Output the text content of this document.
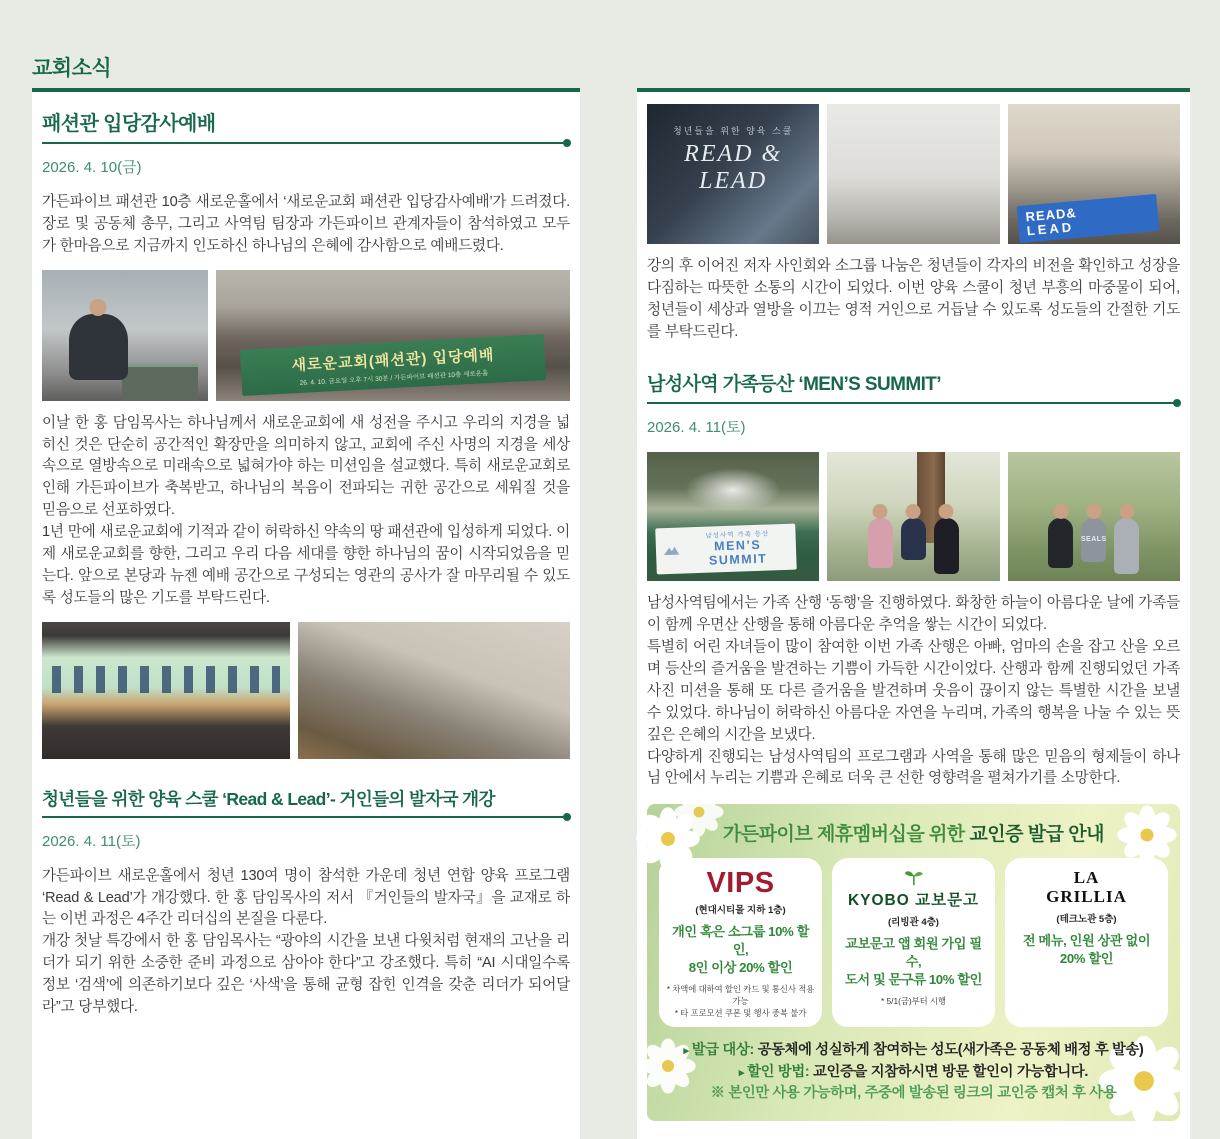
교회소식
패션관 입당감사예배
2026. 4. 10(금)

가든파이브 패션관 10층 새로운홀에서 ‘새로운교회 패션관 입당감사예배’가 드려졌다. 장로 및 공동체 총무, 그리고 사역팀 팀장과 가든파이브 관계자들이 참석하였고 모두가 한마음으로 지금까지 인도하신 하나님의 은혜에 감사함으로 예배드렸다.

새로운교회(패션관) 입당예배
26. 4. 10. 금요일 오후 7시 30분 / 가든파이브 패션관 10층 새로운홀

이날 한 홍 담임목사는 하나님께서 새로운교회에 새 성전을 주시고 우리의 지경을 넓히신 것은 단순히 공간적인 확장만을 의미하지 않고, 교회에 주신 사명의 지경을 세상속으로 열방속으로 미래속으로 넓혀가야 하는 미션임을 설교했다. 특히 새로운교회로 인해 가든파이브가 축복받고, 하나님의 복음이 전파되는 귀한 공간으로 세워질 것을 믿음으로 선포하였다.

1년 만에 새로운교회에 기적과 같이 허락하신 약속의 땅 패션관에 입성하게 되었다. 이제 새로운교회를 향한, 그리고 우리 다음 세대를 향한 하나님의 꿈이 시작되었음을 믿는다. 앞으로 본당과 뉴젠 예배 공간으로 구성되는 영관의 공사가 잘 마무리될 수 있도록 성도들의 많은 기도를 부탁드린다.

청년들을 위한 양육 스쿨 ‘Read & Lead’- 거인들의 발자국 개강
2026. 4. 11(토)

가든파이브 새로운홀에서 청년 130여 명이 참석한 가운데 청년 연합 양육 프로그램 ‘Read & Lead’가 개강했다. 한 홍 담임목사의 저서 『거인들의 발자국』을 교재로 하는 이번 과정은 4주간 리더십의 본질을 다룬다.

개강 첫날 특강에서 한 홍 담임목사는 “광야의 시간을 보낸 다윗처럼 현재의 고난을 리더가 되기 위한 소중한 준비 과정으로 삼아야 한다”고 강조했다. 특히 “AI 시대일수록 정보 ‘검색’에 의존하기보다 깊은 ‘사색’을 통해 균형 잡힌 인격을 갖춘 리더가 되어달라”고 당부했다.

청년들을 위한 양육 스쿨
READ & LEAD
READ&
LEAD

강의 후 이어진 저자 사인회와 소그룹 나눔은 청년들이 각자의 비전을 확인하고 성장을 다짐하는 따뜻한 소통의 시간이 되었다. 이번 양육 스쿨이 청년 부흥의 마중물이 되어, 청년들이 세상과 열방을 이끄는 영적 거인으로 거듭날 수 있도록 성도들의 간절한 기도를 부탁드린다.

남성사역 가족등산 ‘MEN’S SUMMIT’
2026. 4. 11(토)
남성사역 가족 등산
MEN’S SUMMIT
SEALS

남성사역팀에서는 가족 산행 ‘동행’을 진행하였다. 화창한 하늘이 아름다운 날에 가족들이 함께 우면산 산행을 통해 아름다운 추억을 쌓는 시간이 되었다.

특별히 어린 자녀들이 많이 참여한 이번 가족 산행은 아빠, 엄마의 손을 잡고 산을 오르며 등산의 즐거움을 발견하는 기쁨이 가득한 시간이었다. 산행과 함께 진행되었던 가족사진 미션을 통해 또 다른 즐거움을 발견하며 웃음이 끊이지 않는 특별한 시간을 보낼 수 있었다. 하나님이 허락하신 아름다운 자연을 누리며, 가족의 행복을 나눌 수 있는 뜻깊은 은혜의 시간을 보냈다.

다양하게 진행되는 남성사역팀의 프로그램과 사역을 통해 많은 믿음의 형제들이 하나님 안에서 누리는 기쁨과 은혜로 더욱 큰 선한 영향력을 펼쳐가기를 소망한다.

가든파이브 제휴멤버십을 위한 교인증 발급 안내
VIPS
(현대시티몰 지하 1층)
개인 혹은 소그룹 10% 할인,
8인 이상 20% 할인
* 차액에 대하여 할인 카드 및 통신사 적용 가능
* 타 프로모션 쿠폰 및 행사 중복 불가
KYOBO 교보문고
(리빙관 4층)
교보문고 앱 회원 가입 필수,
도서 및 문구류 10% 할인
* 5/1(금)부터 시행
LA
GRILLIA
(테크노관 5층)
전 메뉴, 인원 상관 없이
20% 할인
▸ 발급 대상: 공동체에 성실하게 참여하는 성도(새가족은 공동체 배정 후 발송)
▸ 할인 방법: 교인증을 지참하시면 방문 할인이 가능합니다.
※ 본인만 사용 가능하며, 주중에 발송된 링크의 교인증 캡처 후 사용
